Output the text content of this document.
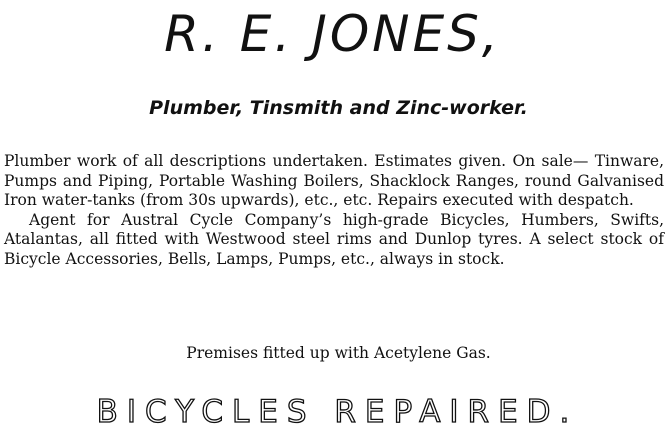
R. E. JONES,
Plumber, Tinsmith and Zinc-worker.

Plumber work of all descriptions undertaken. Estimates given. On sale— Tinware, Pumps and Piping, Portable Washing Boilers, Shacklock Ranges, round Galvanised Iron water-tanks (from 30s upwards), etc., etc. Repairs executed with despatch.

Agent for Austral Cycle Company’s high-grade Bicycles, Humbers, Swifts, Atalantas, all fitted with Westwood steel rims and Dunlop tyres. A select stock of Bicycle Accessories, Bells, Lamps, Pumps, etc., always in stock.

Premises fitted up with Acetylene Gas.
BICYCLES REPAIRED.
